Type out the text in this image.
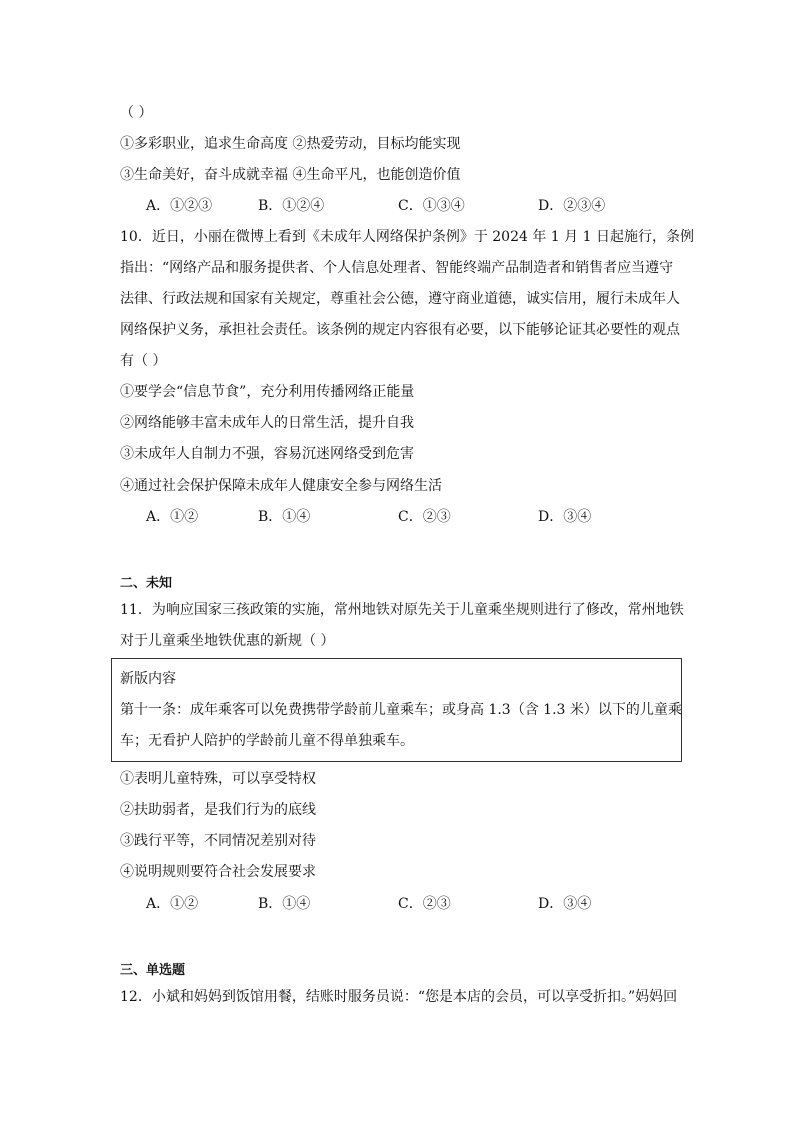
（ ）
①多彩职业，追求生命高度 ②热爱劳动，目标均能实现
③生命美好，奋斗成就幸福 ④生命平凡，也能创造价值
A．①②③	B．①②④	C．①③④	D．②③④
10．近日，小丽在微博上看到《未成年人网络保护条例》于 2024 年 1 月 1 日起施行，条例
指出：“网络产品和服务提供者、个人信息处理者、智能终端产品制造者和销售者应当遵守
法律、行政法规和国家有关规定，尊重社会公德，遵守商业道德，诚实信用，履行未成年人
网络保护义务，承担社会责任。该条例的规定内容很有必要，以下能够论证其必要性的观点
有（ ）
①要学会“信息节食”，充分利用传播网络正能量
②网络能够丰富未成年人的日常生活，提升自我
③未成年人自制力不强，容易沉迷网络受到危害
④通过社会保护保障未成年人健康安全参与网络生活
A．①②	B．①④	C．②③	D．③④
二、未知
11．为响应国家三孩政策的实施，常州地铁对原先关于儿童乘坐规则进行了修改，常州地铁
对于儿童乘坐地铁优惠的新规（ ）
新版内容
第十一条：成年乘客可以免费携带学龄前儿童乘车；或身高 1.3（含 1.3 米）以下的儿童乘
车；无看护人陪护的学龄前儿童不得单独乘车。
①表明儿童特殊，可以享受特权
②扶助弱者，是我们行为的底线
③践行平等，不同情况差别对待
④说明规则要符合社会发展要求
A．①②	B．①④	C．②③	D．③④
三、单选题
12．小斌和妈妈到饭馆用餐，结账时服务员说：“您是本店的会员，可以享受折扣。”妈妈回
